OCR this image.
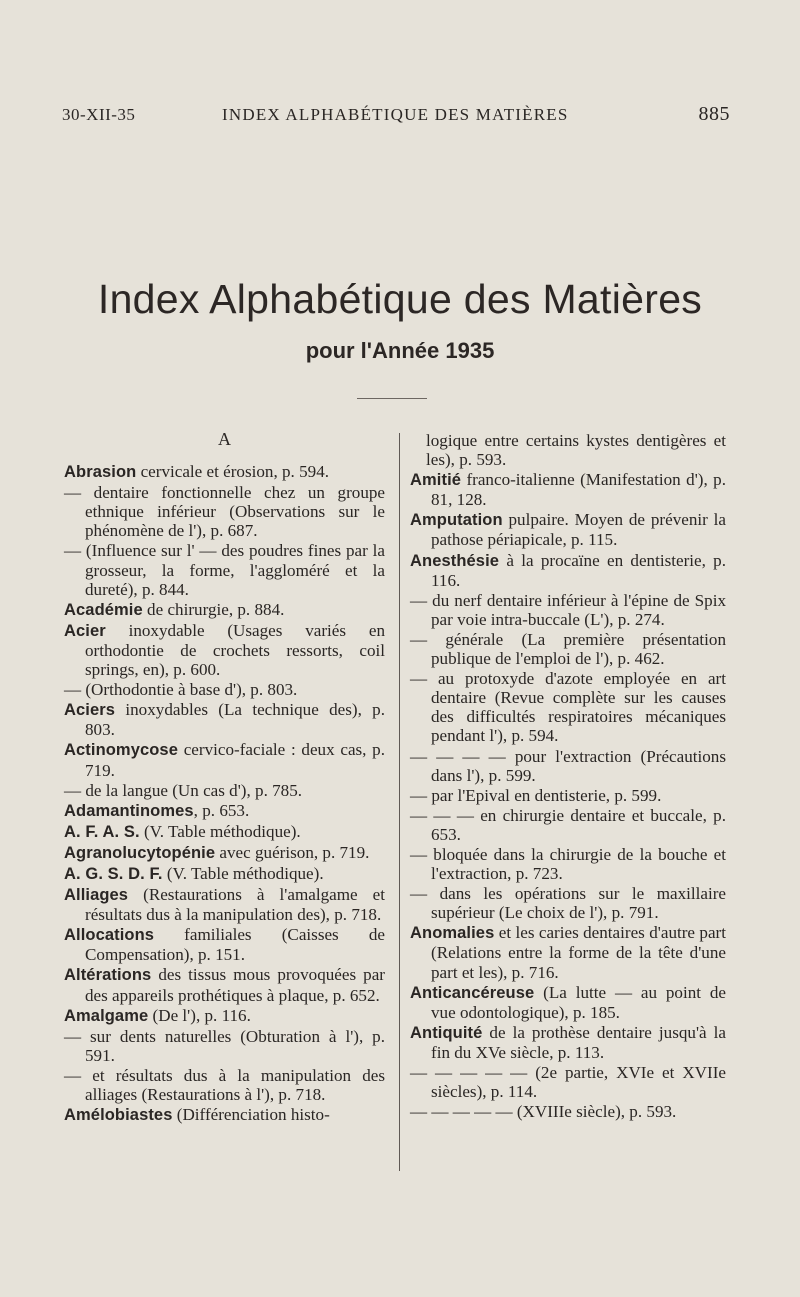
30-XII-35	INDEX ALPHABÉTIQUE DES MATIÈRES	885
Index Alphabétique des Matières
pour l'Année 1935
A
Abrasion cervicale et érosion, p. 594.
— dentaire fonctionnelle chez un groupe ethnique inférieur (Observations sur le phénomène de l'), p. 687.
— (Influence sur l' — des poudres fines par la grosseur, la forme, l'aggloméré et la dureté), p. 844.
Académie de chirurgie, p. 884.
Acier inoxydable (Usages variés en orthodontie de crochets ressorts, coil springs, en), p. 600.
— (Orthodontie à base d'), p. 803.
Aciers inoxydables (La technique des), p. 803.
Actinomycose cervico-faciale : deux cas, p. 719.
— de la langue (Un cas d'), p. 785.
Adamantinomes, p. 653.
A. F. A. S. (V. Table méthodique).
Agranolucytopénie avec guérison, p. 719.
A. G. S. D. F. (V. Table méthodique).
Alliages (Restaurations à l'amalgame et résultats dus à la manipulation des), p. 718.
Allocations familiales (Caisses de Compensation), p. 151.
Altérations des tissus mous provoquées par des appareils prothétiques à plaque, p. 652.
Amalgame (De l'), p. 116.
— sur dents naturelles (Obturation à l'), p. 591.
— et résultats dus à la manipulation des alliages (Restaurations à l'), p. 718.
Amélobiastes (Différenciation histo-
logique entre certains kystes dentigères et les), p. 593.
Amitié franco-italienne (Manifestation d'), p. 81, 128.
Amputation pulpaire. Moyen de prévenir la pathose périapicale, p. 115.
Anesthésie à la procaïne en dentisterie, p. 116.
— du nerf dentaire inférieur à l'épine de Spix par voie intra-buccale (L'), p. 274.
— générale (La première présentation publique de l'emploi de l'), p. 462.
— au protoxyde d'azote employée en art dentaire (Revue complète sur les causes des difficultés respiratoires mécaniques pendant l'), p. 594.
— — — — pour l'extraction (Précautions dans l'), p. 599.
— par l'Epival en dentisterie, p. 599.
— — — en chirurgie dentaire et buccale, p. 653.
— bloquée dans la chirurgie de la bouche et l'extraction, p. 723.
— dans les opérations sur le maxillaire supérieur (Le choix de l'), p. 791.
Anomalies et les caries dentaires d'autre part (Relations entre la forme de la tête d'une part et les), p. 716.
Anticancéreuse (La lutte — au point de vue odontologique), p. 185.
Antiquité de la prothèse dentaire jusqu'à la fin du XVe siècle, p. 113.
— — — — — (2e partie, XVIe et XVIIe siècles), p. 114.
— — — — — (XVIIIe siècle), p. 593.
